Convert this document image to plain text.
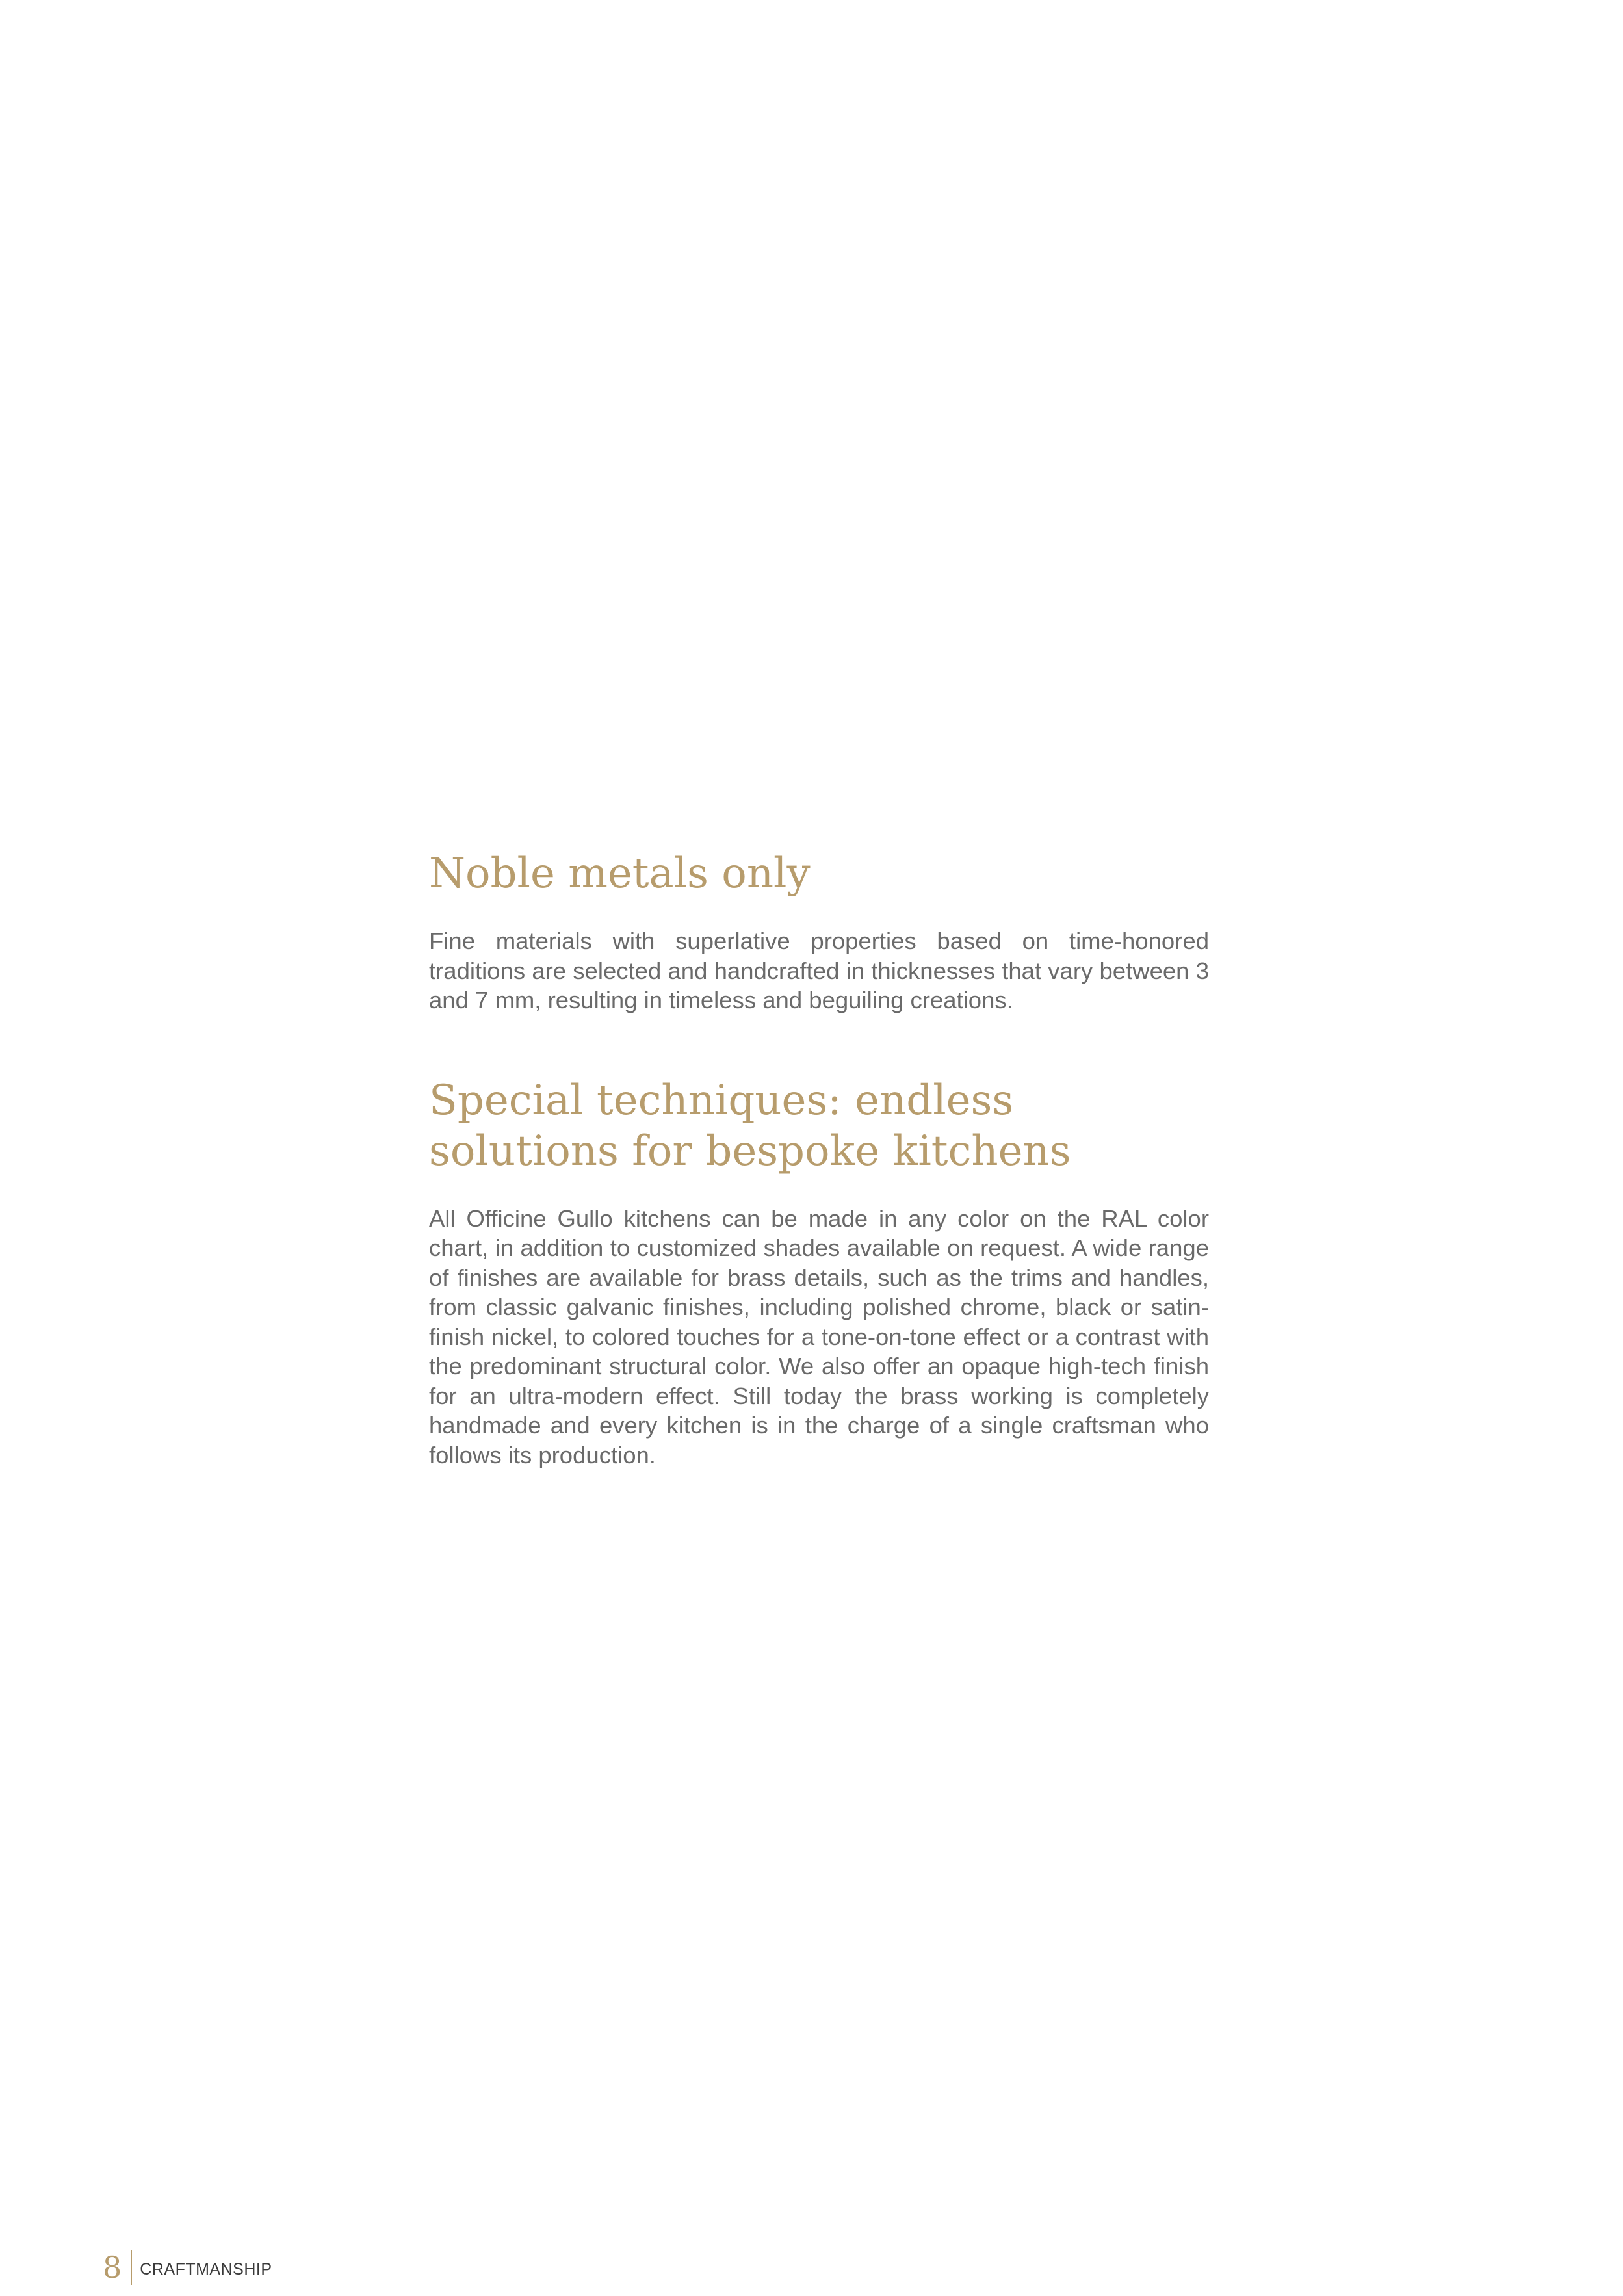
Noble metals only

Fine materials with superlative properties based on time-honored traditions are selected and handcrafted in thicknesses that vary between 3 and 7 mm, resulting in timeless and beguiling creations.

Special techniques: endless solutions for bespoke kitchens

All Officine Gullo kitchens can be made in any color on the RAL color chart, in addition to customized shades available on request. A wide range of finishes are available for brass details, such as the trims and handles, from classic galvanic finishes, including polished chrome, black or satin-finish nickel, to colored touches for a tone-on-tone effect or a contrast with the predominant structural color. We also offer an opaque high-tech finish for an ultra-modern effect. Still today the brass working is completely handmade and every kitchen is in the charge of a single craftsman who follows its production.

8 CRAFTMANSHIP
